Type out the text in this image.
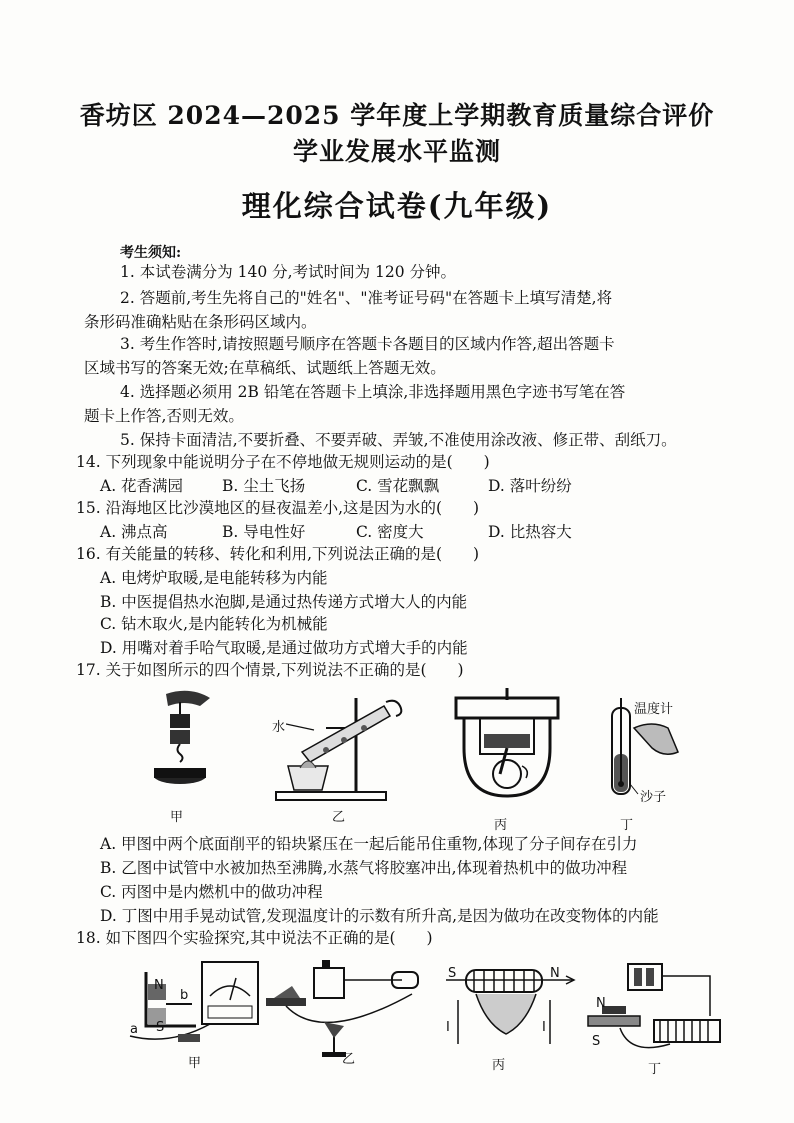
香坊区 2024—2025 学年度上学期教育质量综合评价
学业发展水平监测
理化综合试卷(九年级)
考生须知:
1. 本试卷满分为 140 分,考试时间为 120 分钟。
2. 答题前,考生先将自己的"姓名"、"准考证号码"在答题卡上填写清楚,将
条形码准确粘贴在条形码区域内。
3. 考生作答时,请按照题号顺序在答题卡各题目的区域内作答,超出答题卡
区域书写的答案无效;在草稿纸、试题纸上答题无效。
4. 选择题必须用 2B 铅笔在答题卡上填涂,非选择题用黑色字迹书写笔在答
题卡上作答,否则无效。
5. 保持卡面清洁,不要折叠、不要弄破、弄皱,不准使用涂改液、修正带、刮纸刀。
14. 下列现象中能说明分子在不停地做无规则运动的是(　　)
A. 花香满园	B. 尘土飞扬	C. 雪花飘飘	D. 落叶纷纷
15. 沿海地区比沙漠地区的昼夜温差小,这是因为水的(　　)
A. 沸点高	B. 导电性好	C. 密度大	D. 比热容大
16. 有关能量的转移、转化和利用,下列说法正确的是(　　)
A. 电烤炉取暖,是电能转移为内能
B. 中医提倡热水泡脚,是通过热传递方式增大人的内能
C. 钻木取火,是内能转化为机械能
D. 用嘴对着手哈气取暖,是通过做功方式增大手的内能
17. 关于如图所示的四个情景,下列说法不正确的是(　　)
甲
水
乙
丙
温度计
沙子
丁
A. 甲图中两个底面削平的铅块紧压在一起后能吊住重物,体现了分子间存在引力
B. 乙图中试管中水被加热至沸腾,水蒸气将胶塞冲出,体现着热机中的做功冲程
C. 丙图中是内燃机中的做功冲程
D. 丁图中用手晃动试管,发现温度计的示数有所升高,是因为做功在改变物体的内能
18. 如下图四个实验探究,其中说法不正确的是(　　)
N
S
a
b
甲	乙
S	N
I	I
丙
N
S
丁
